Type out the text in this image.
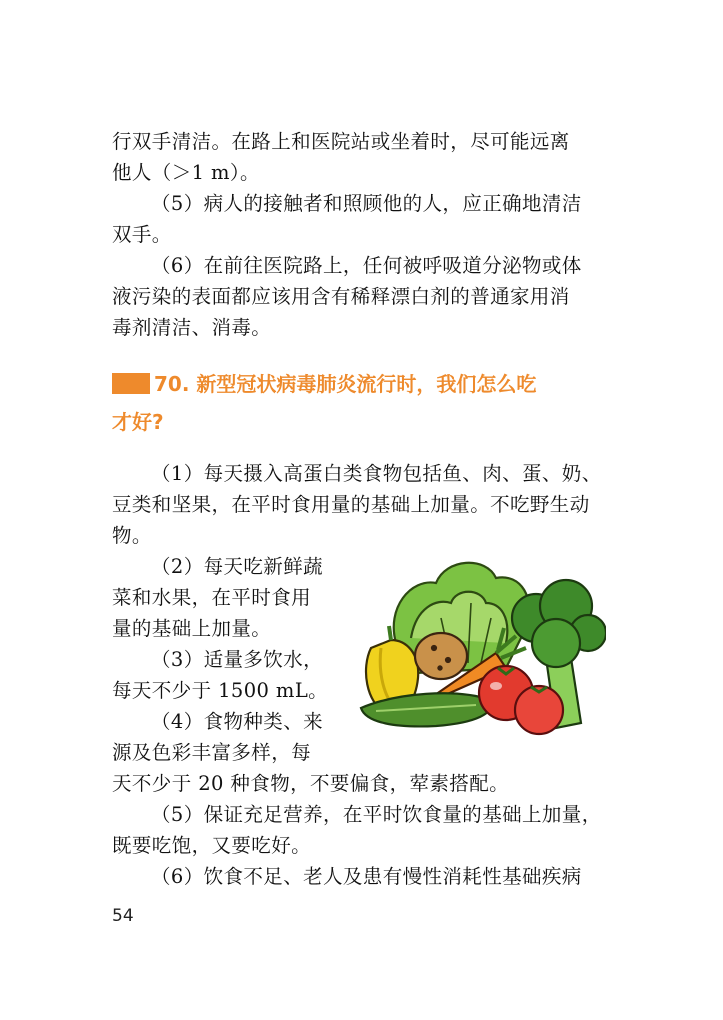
行双手清洁。在路上和医院站或坐着时，尽可能远离
他人（＞1 m）。
（5）病人的接触者和照顾他的人，应正确地清洁
双手。
（6）在前往医院路上，任何被呼吸道分泌物或体
液污染的表面都应该用含有稀释漂白剂的普通家用消
毒剂清洁、消毒。
70. 新型冠状病毒肺炎流行时，我们怎么吃
才好?
（1）每天摄入高蛋白类食物包括鱼、肉、蛋、奶、
豆类和坚果，在平时食用量的基础上加量。不吃野生动
物。
（2）每天吃新鲜蔬
菜和水果，在平时食用
量的基础上加量。
（3）适量多饮水，
每天不少于 1500 mL。
（4）食物种类、来
源及色彩丰富多样，每
天不少于 20 种食物，不要偏食，荤素搭配。
（5）保证充足营养，在平时饮食量的基础上加量，
既要吃饱，又要吃好。
（6）饮食不足、老人及患有慢性消耗性基础疾病
54
